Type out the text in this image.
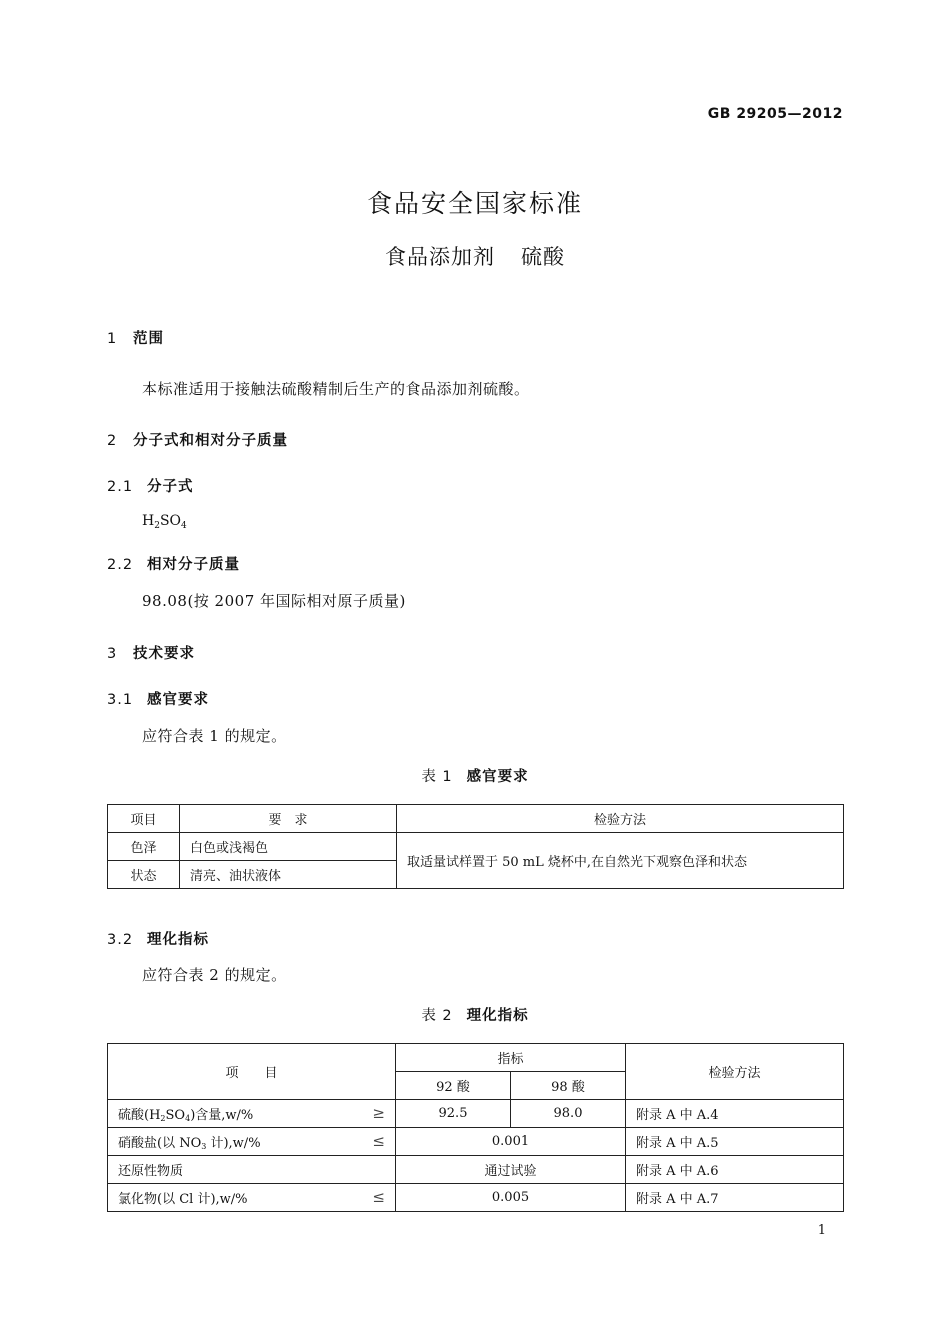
GB 29205—2012
食品安全国家标准
食品添加剂 硫酸
1 范围
本标准适用于接触法硫酸精制后生产的食品添加剂硫酸。
2 分子式和相对分子质量
2.1 分子式
$H_2SO_4$
2.2 相对分子质量
98.08(按 2007 年国际相对原子质量)
3 技术要求
3.1 感官要求
应符合表 1 的规定。
表 1 感官要求
项目	要　求	检验方法
色泽	白色或浅褐色	取适量试样置于 50 mL 烧杯中,在自然光下观察色泽和状态
状态	清亮、油状液体	
3.2 理化指标
应符合表 2 的规定。
表 2 理化指标
项　　目	指标		检验方法
	92 酸	98 酸	
硫酸$(H_2SO_4)$含量,w/% ≥	92.5	98.0	附录 A 中 A.4
硝酸盐(以 $NO_3$ 计),w/% ≤	0.001		附录 A 中 A.5
还原性物质	通过试验		附录 A 中 A.6
氯化物(以 Cl 计),w/% ≤	0.005		附录 A 中 A.7
1
